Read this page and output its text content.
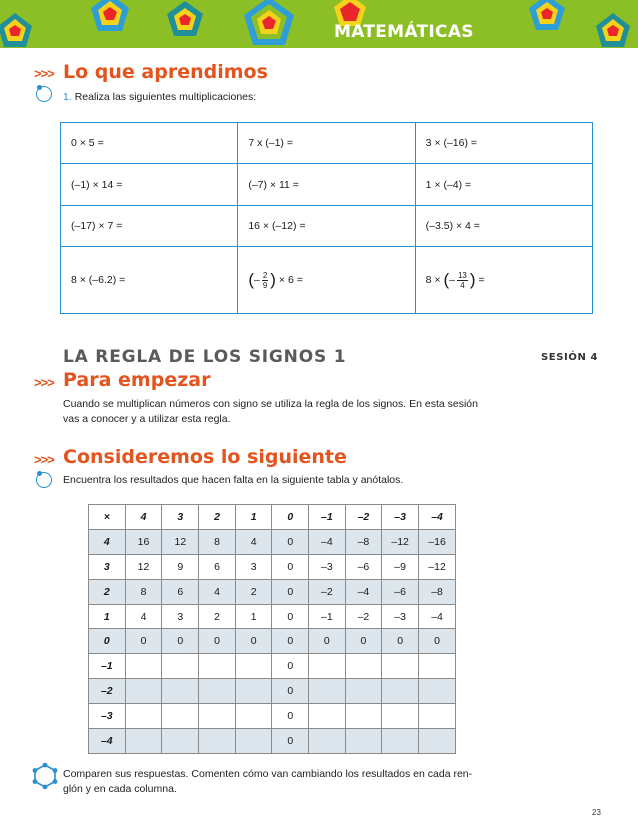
MATEMÁTICAS II
>>> Lo que aprendimos
1. Realiza las siguientes multiplicaciones:
0 × 5 =	7 x (–1) =	3 × (–16) =
(–1) × 14 =	(–7) × 11 =	1 × (–4) =
(–17) × 7 =	16 × (–12) =	(–3.5) × 4 =
8 × (–6.2) =	(– $\frac{2}{9}$ ) × 6 =	8 × (– $\frac{13}{4}$ ) =
LA REGLA DE LOS SIGNOS 1	SESIÓN 4
>>> Para empezar
Cuando se multiplican números con signo se utiliza la regla de los signos. En esta sesión
vas a conocer y a utilizar esta regla.
>>> Consideremos lo siguiente
Encuentra los resultados que hacen falta en la siguiente tabla y anótalos.
×	4	3	2	1	0	–1	–2	–3	–4
4	16	12	8	4	0	–4	–8	–12	–16
3	12	9	6	3	0	–3	–6	–9	–12
2	8	6	4	2	0	–2	–4	–6	–8
1	4	3	2	1	0	–1	–2	–3	–4
0	0	0	0	0	0	0	0	0	0
–1					0				
–2					0				
–3					0				
–4					0				
Comparen sus respuestas. Comenten cómo van cambiando los resultados en cada ren-
glón y en cada columna.
23
